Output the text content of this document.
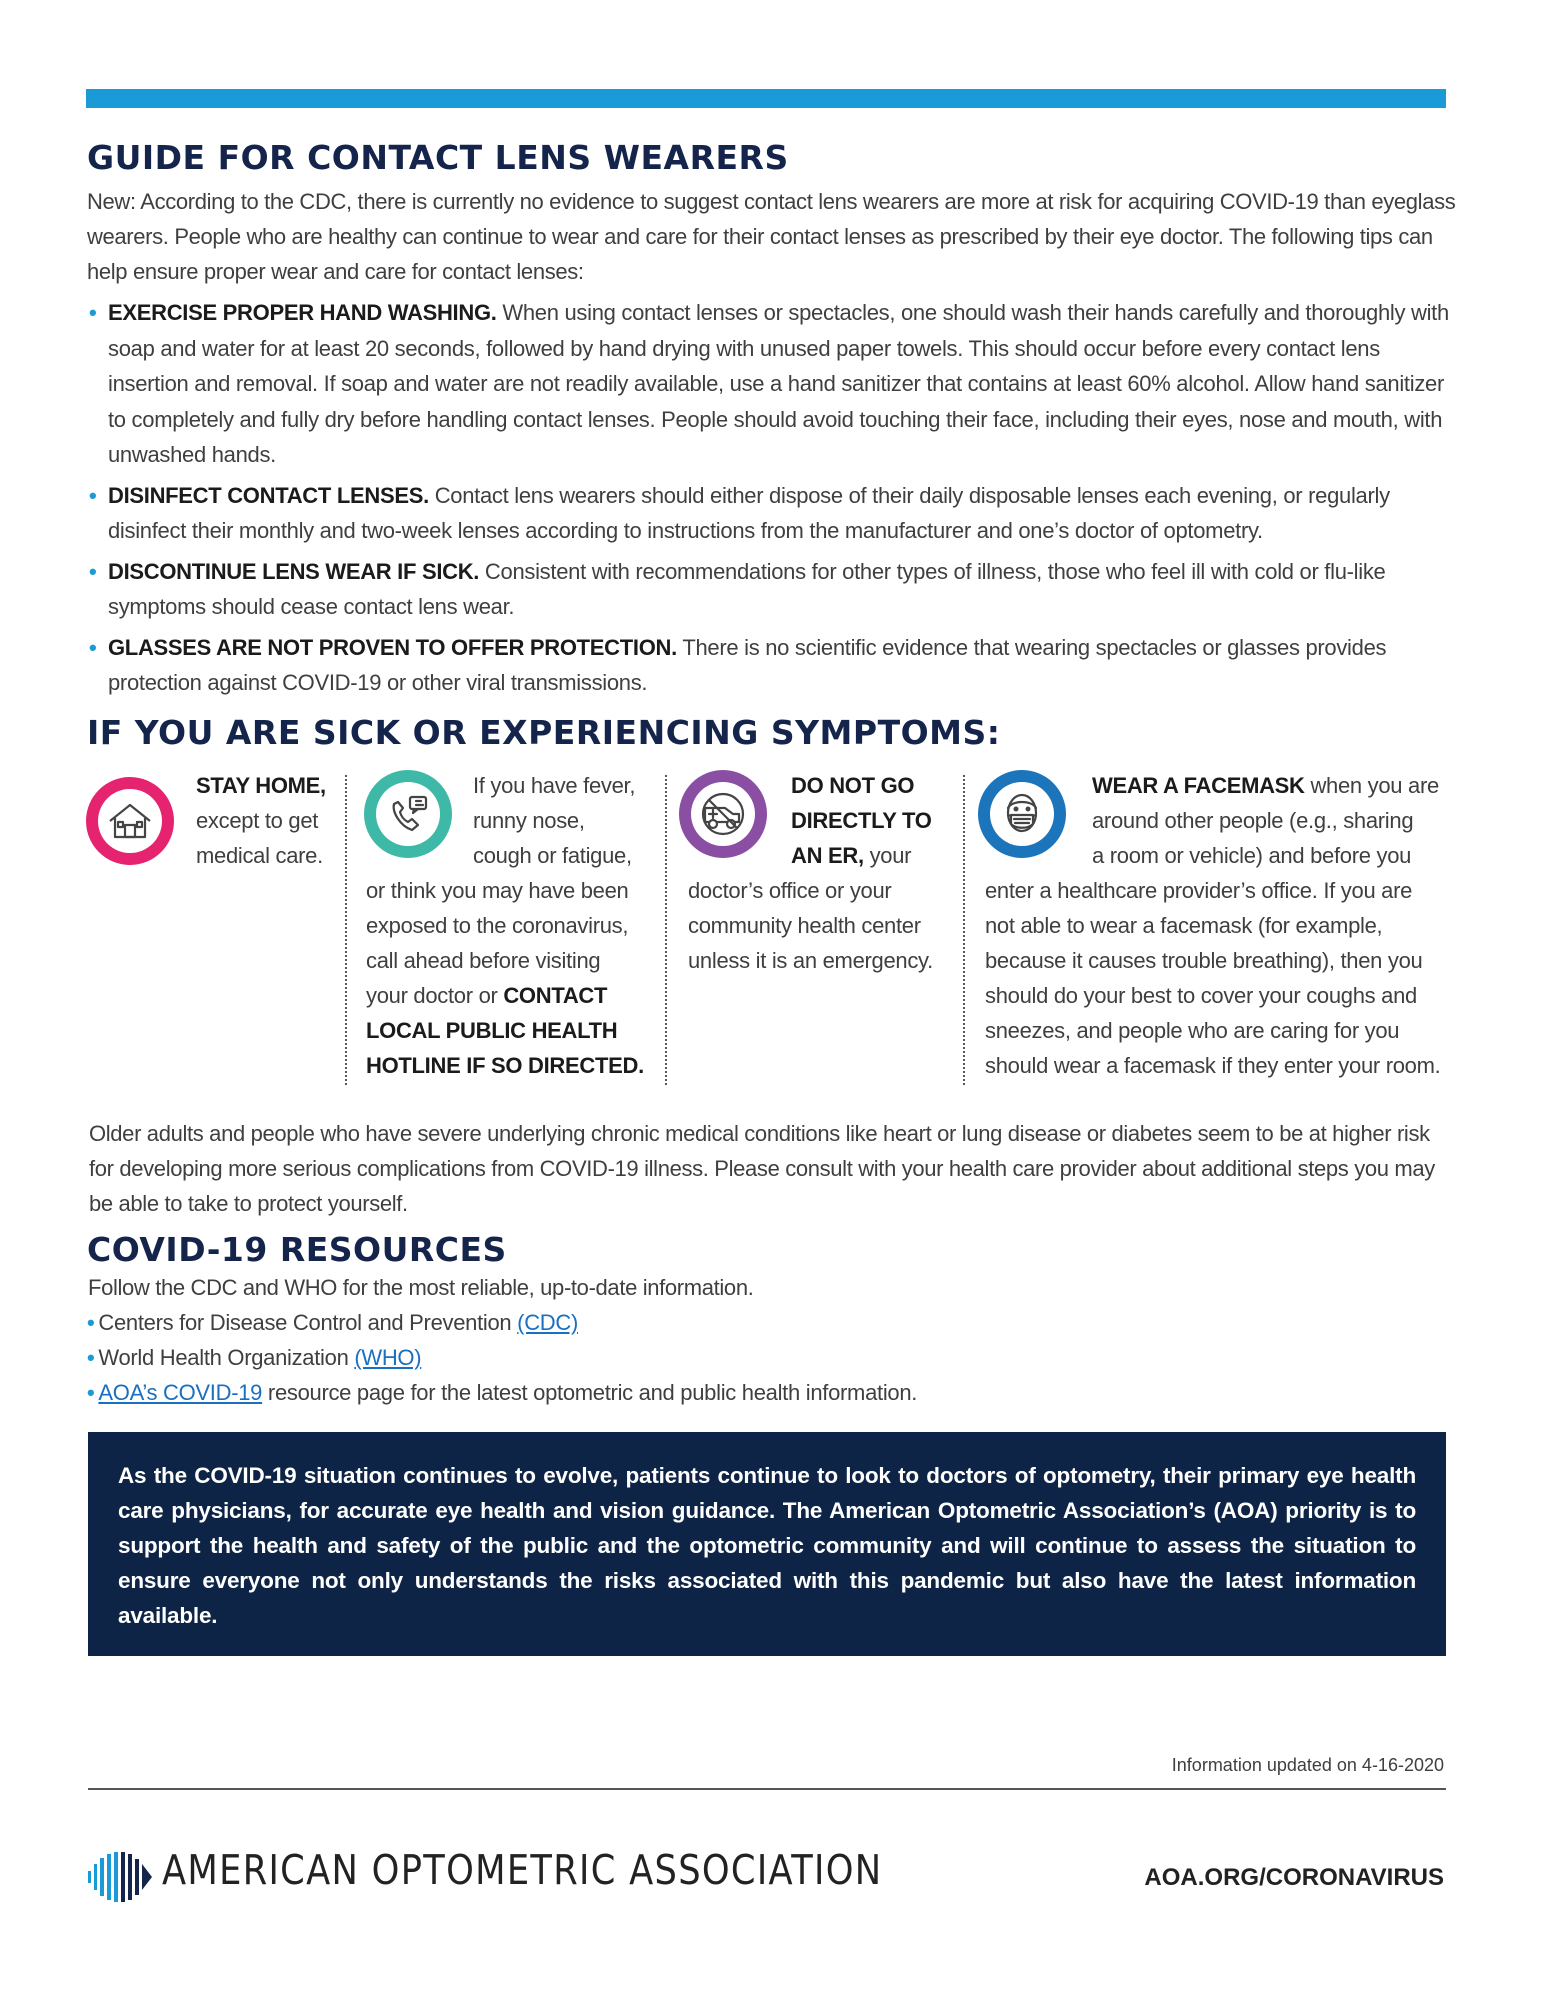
GUIDE FOR CONTACT LENS WEARERS

New: According to the CDC, there is currently no evidence to suggest contact lens wearers are more at risk for acquiring COVID-19 than eyeglass wearers. People who are healthy can continue to wear and care for their contact lenses as prescribed by their eye doctor. The following tips can help ensure proper wear and care for contact lenses:

• EXERCISE PROPER HAND WASHING. When using contact lenses or spectacles, one should wash their hands carefully and thoroughly with soap and water for at least 20 seconds, followed by hand drying with unused paper towels. This should occur before every contact lens insertion and removal. If soap and water are not readily available, use a hand sanitizer that contains at least 60% alcohol. Allow hand sanitizer to completely and fully dry before handling contact lenses. People should avoid touching their face, including their eyes, nose and mouth, with unwashed hands.
• DISINFECT CONTACT LENSES. Contact lens wearers should either dispose of their daily disposable lenses each evening, or regularly disinfect their monthly and two-week lenses according to instructions from the manufacturer and one’s doctor of optometry.
• DISCONTINUE LENS WEAR IF SICK. Consistent with recommendations for other types of illness, those who feel ill with cold or flu-like symptoms should cease contact lens wear.
• GLASSES ARE NOT PROVEN TO OFFER PROTECTION. There is no scientific evidence that wearing spectacles or glasses provides protection against COVID-19 or other viral transmissions.
IF YOU ARE SICK OR EXPERIENCING SYMPTOMS:
STAY HOME,
except to get
medical care.
If you have fever,
runny nose,
cough or fatigue,
or think you may have been
exposed to the coronavirus,
call ahead before visiting
your doctor or CONTACT
LOCAL PUBLIC HEALTH
HOTLINE IF SO DIRECTED.
DO NOT GO
DIRECTLY TO
AN ER, your
doctor’s office or your
community health center
unless it is an emergency.
WEAR A FACEMASK when you are
around other people (e.g., sharing
a room or vehicle) and before you
enter a healthcare provider’s office. If you are
not able to wear a facemask (for example,
because it causes trouble breathing), then you
should do your best to cover your coughs and
sneezes, and people who are caring for you
should wear a facemask if they enter your room.

Older adults and people who have severe underlying chronic medical conditions like heart or lung disease or diabetes seem to be at higher risk for developing more serious complications from COVID-19 illness. Please consult with your health care provider about additional steps you may be able to take to protect yourself.

COVID-19 RESOURCES

Follow the CDC and WHO for the most reliable, up-to-date information.

• Centers for Disease Control and Prevention (CDC)
• World Health Organization (WHO)
• AOA’s COVID-19 resource page for the latest optometric and public health information.

As the COVID-19 situation continues to evolve, patients continue to look to doctors of optometry, their primary eye health care physicians, for accurate eye health and vision guidance. The American Optometric Association’s (AOA) priority is to support the health and safety of the public and the optometric community and will continue to assess the situation to ensure everyone not only understands the risks associated with this pandemic but also have the latest information available.

Information updated on 4-16-2020
AMERICAN OPTOMETRIC ASSOCIATION	AOA.ORG/CORONAVIRUS
